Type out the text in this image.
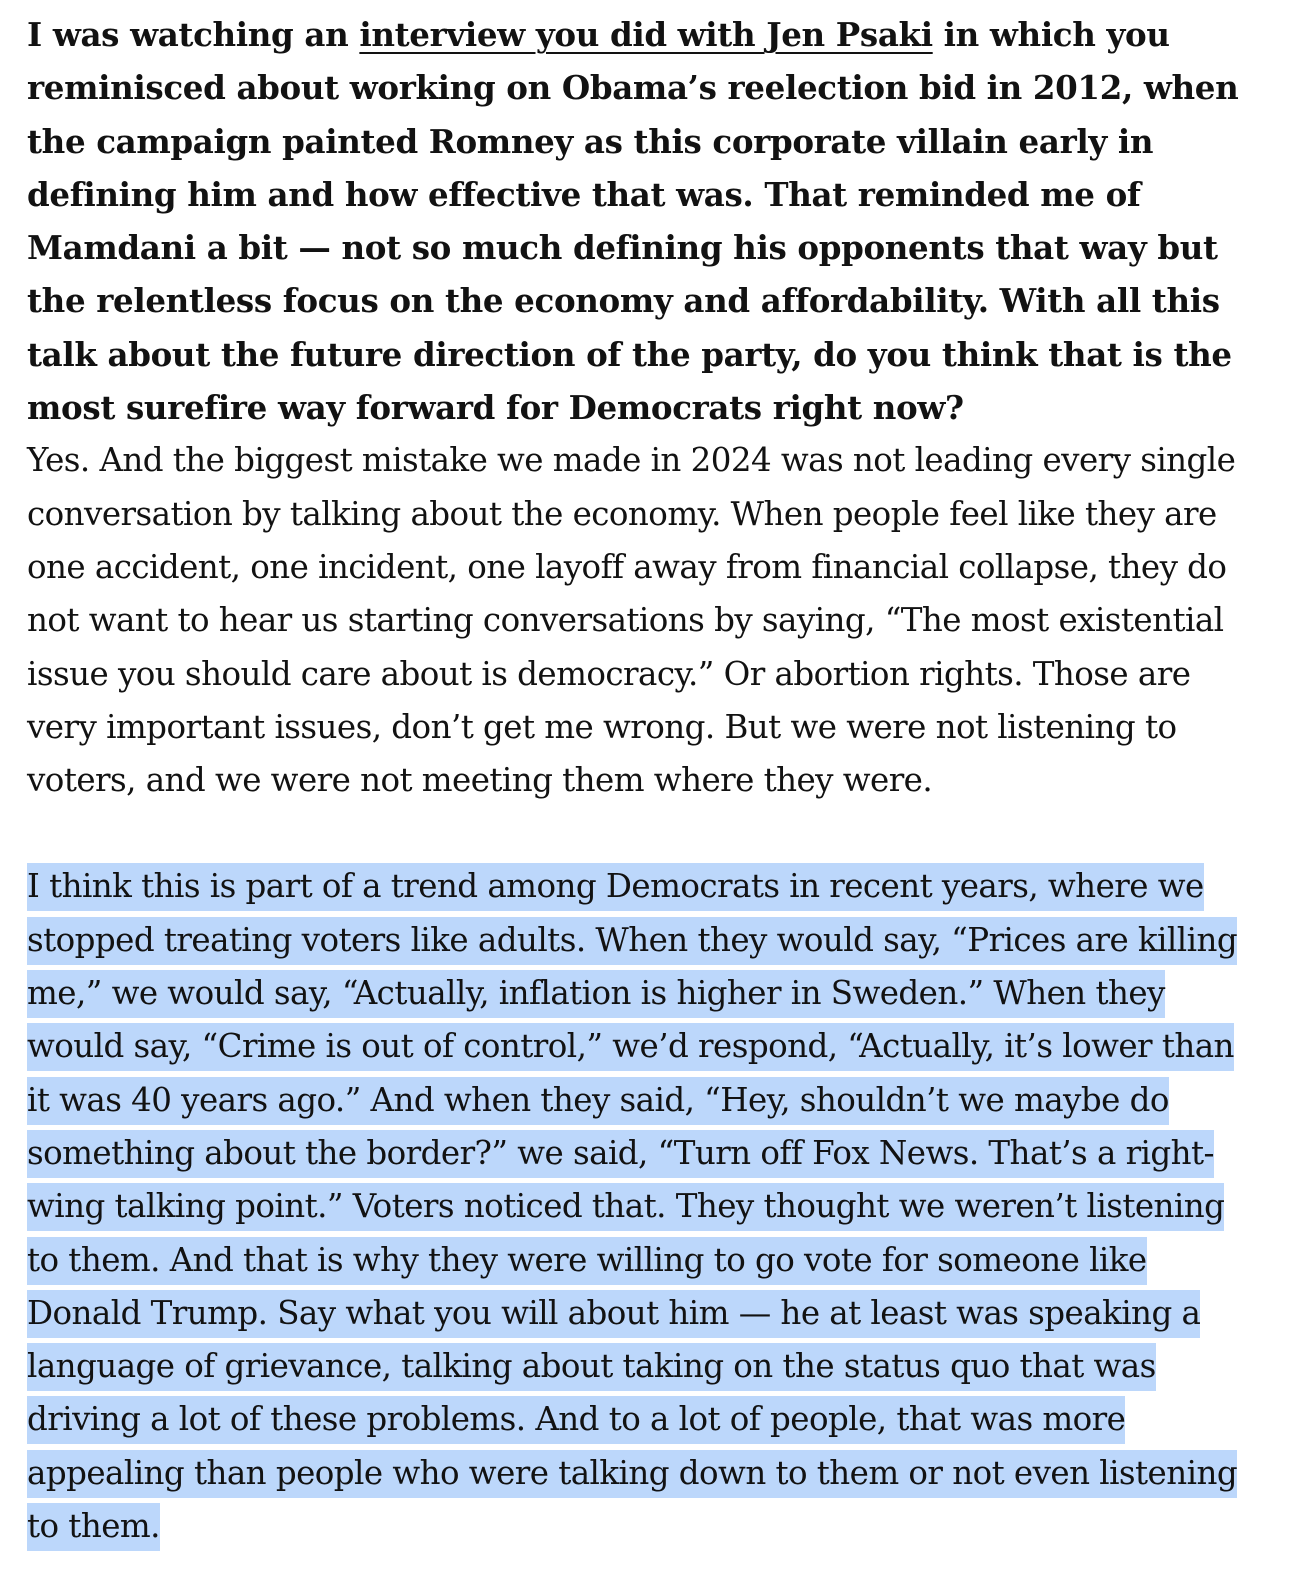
I was watching an interview you did with Jen Psaki in which you reminisced about working on Obama’s reelection bid in 2012, when the campaign painted Romney as this corporate villain early in defining him and how effective that was. That reminded me of Mamdani a bit — not so much defining his opponents that way but the relentless focus on the economy and affordability. With all this talk about the future direction of the party, do you think that is the most surefire way forward for Democrats right now?

Yes. And the biggest mistake we made in 2024 was not leading every single conversation by talking about the economy. When people feel like they are one accident, one incident, one layoff away from financial collapse, they do not want to hear us starting conversations by saying, “The most existential issue you should care about is democracy.” Or abortion rights. Those are very important issues, don’t get me wrong. But we were not listening to voters, and we were not meeting them where they were.

I think this is part of a trend among Democrats in recent years, where we stopped treating voters like adults. When they would say, “Prices are killing me,” we would say, “Actually, inflation is higher in Sweden.” When they would say, “Crime is out of control,” we’d respond, “Actually, it’s lower than it was 40 years ago.” And when they said, “Hey, shouldn’t we maybe do something about the border?” we said, “Turn off Fox News. That’s a right-wing talking point.” Voters noticed that. They thought we weren’t listening to them. And that is why they were willing to go vote for someone like Donald Trump. Say what you will about him — he at least was speaking a language of grievance, talking about taking on the status quo that was driving a lot of these problems. And to a lot of people, that was more appealing than people who were talking down to them or not even listening to them.
